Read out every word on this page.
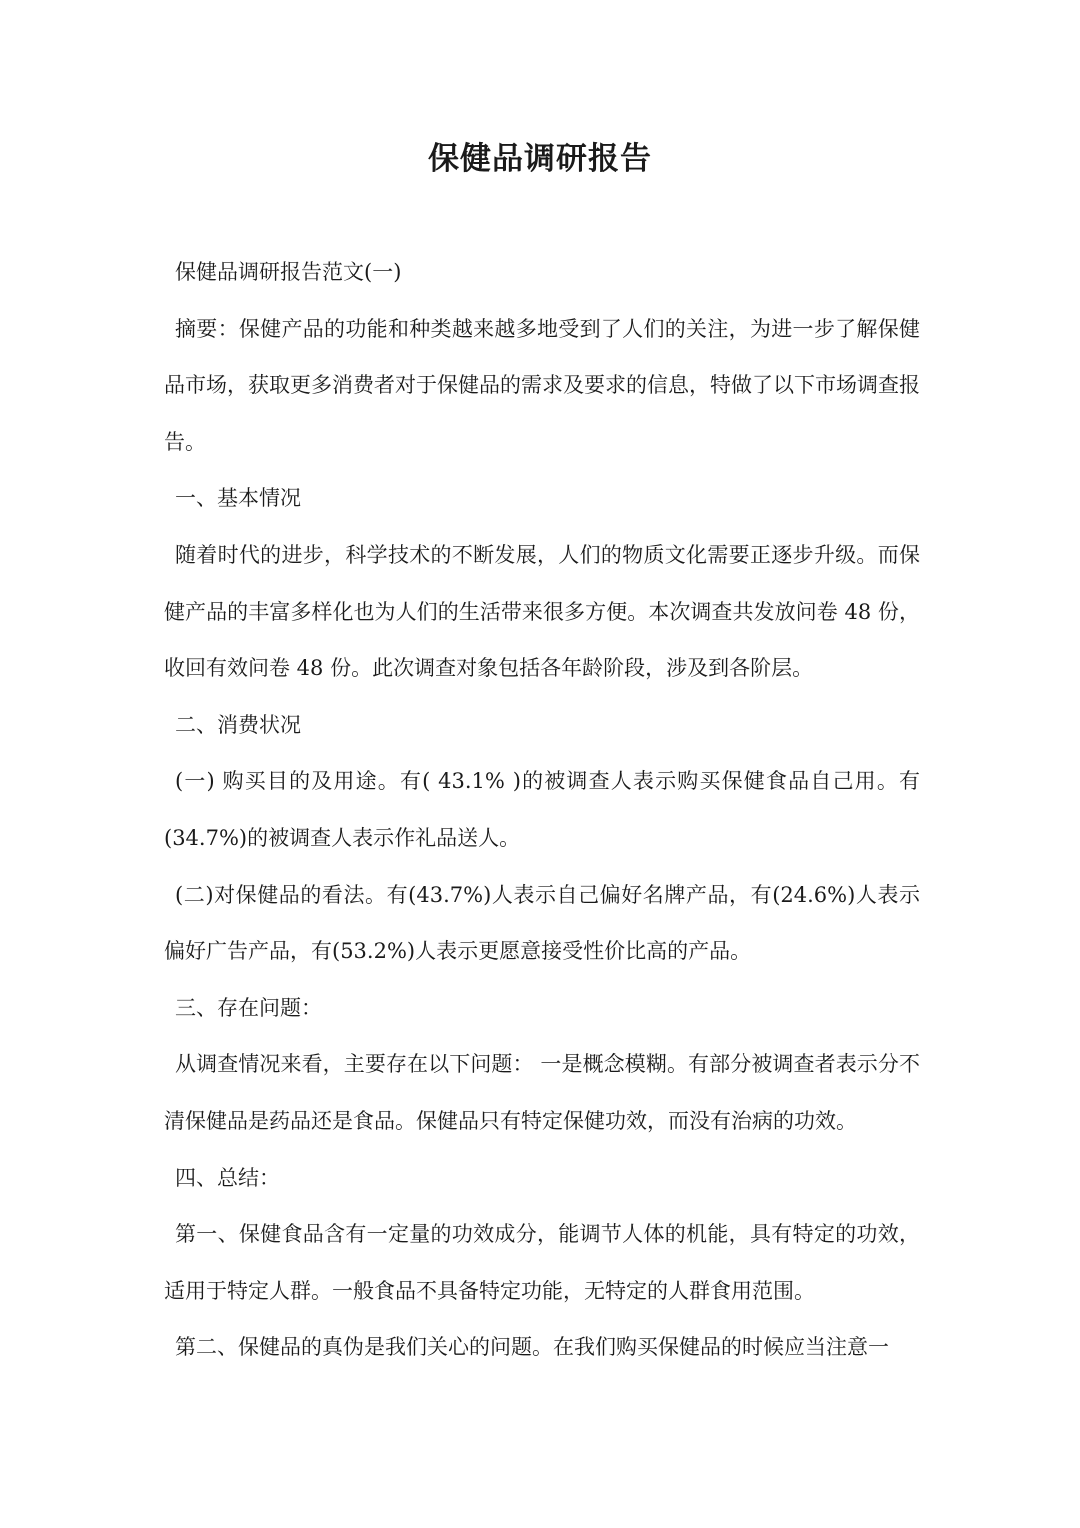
保健品调研报告

保健品调研报告范文(一)

摘要：保健产品的功能和种类越来越多地受到了人们的关注，为进一步了解保健品市场，获取更多消费者对于保健品的需求及要求的信息，特做了以下市场调查报告。

一、基本情况

随着时代的进步，科学技术的不断发展，人们的物质文化需要正逐步升级。而保健产品的丰富多样化也为人们的生活带来很多方便。本次调查共发放问卷 48 份，收回有效问卷 48 份。此次调查对象包括各年龄阶段，涉及到各阶层。

二、消费状况

(一) 购买目的及用途。有( 43.1% )的被调查人表示购买保健食品自己用。有(34.7%)的被调查人表示作礼品送人。

(二)对保健品的看法。有(43.7%)人表示自己偏好名牌产品，有(24.6%)人表示偏好广告产品，有(53.2%)人表示更愿意接受性价比高的产品。

三、存在问题：

从调查情况来看，主要存在以下问题： 一是概念模糊。有部分被调查者表示分不清保健品是药品还是食品。保健品只有特定保健功效，而没有治病的功效。

四、总结：

第一、保健食品含有一定量的功效成分，能调节人体的机能，具有特定的功效，适用于特定人群。一般食品不具备特定功能，无特定的人群食用范围。

第二、保健品的真伪是我们关心的问题。在我们购买保健品的时候应当注意一
